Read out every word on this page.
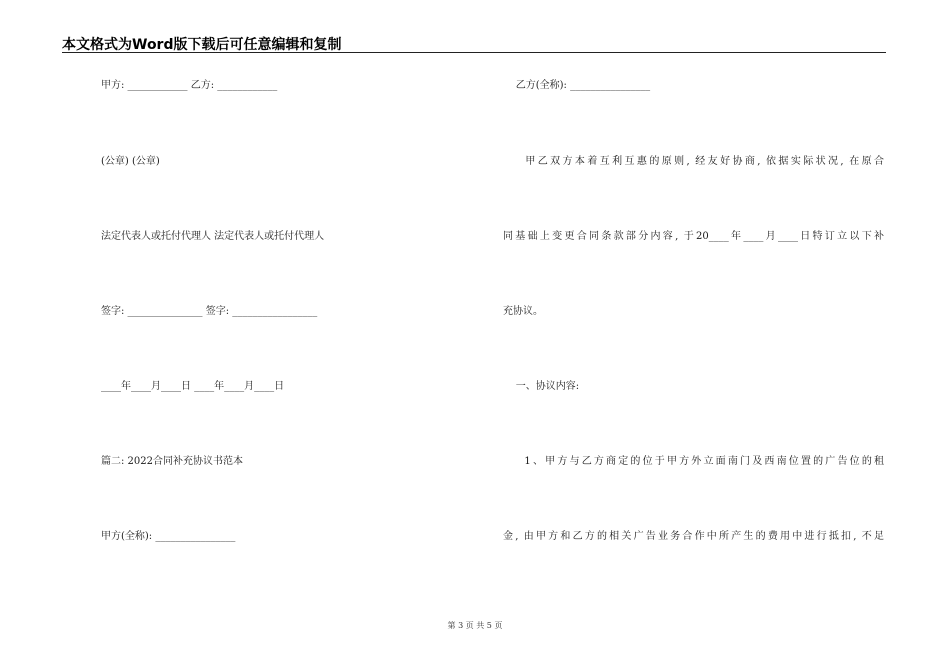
本文格式为Word版下载后可任意编辑和复制
甲方: ____________ 乙方: ____________
(公章) (公章)
法定代表人或托付代理人 法定代表人或托付代理人
签字: _______________ 签字: _________________
____年____月____日 ____年____月____日
篇二: 2022合同补充协议书范本
甲方(全称): ________________
乙方(全称): ________________
甲乙双方本着互利互惠的原则, 经友好协商, 依据实际状况, 在原合
同基础上变更合同条款部分内容, 于20____年____月____日特订立以下补
充协议。
一、协议内容:
1、甲方与乙方商定的位于甲方外立面南门及西南位置的广告位的租
金, 由甲方和乙方的相关广告业务合作中所产生的费用中进行抵扣, 不足
第 3 页 共 5 页
